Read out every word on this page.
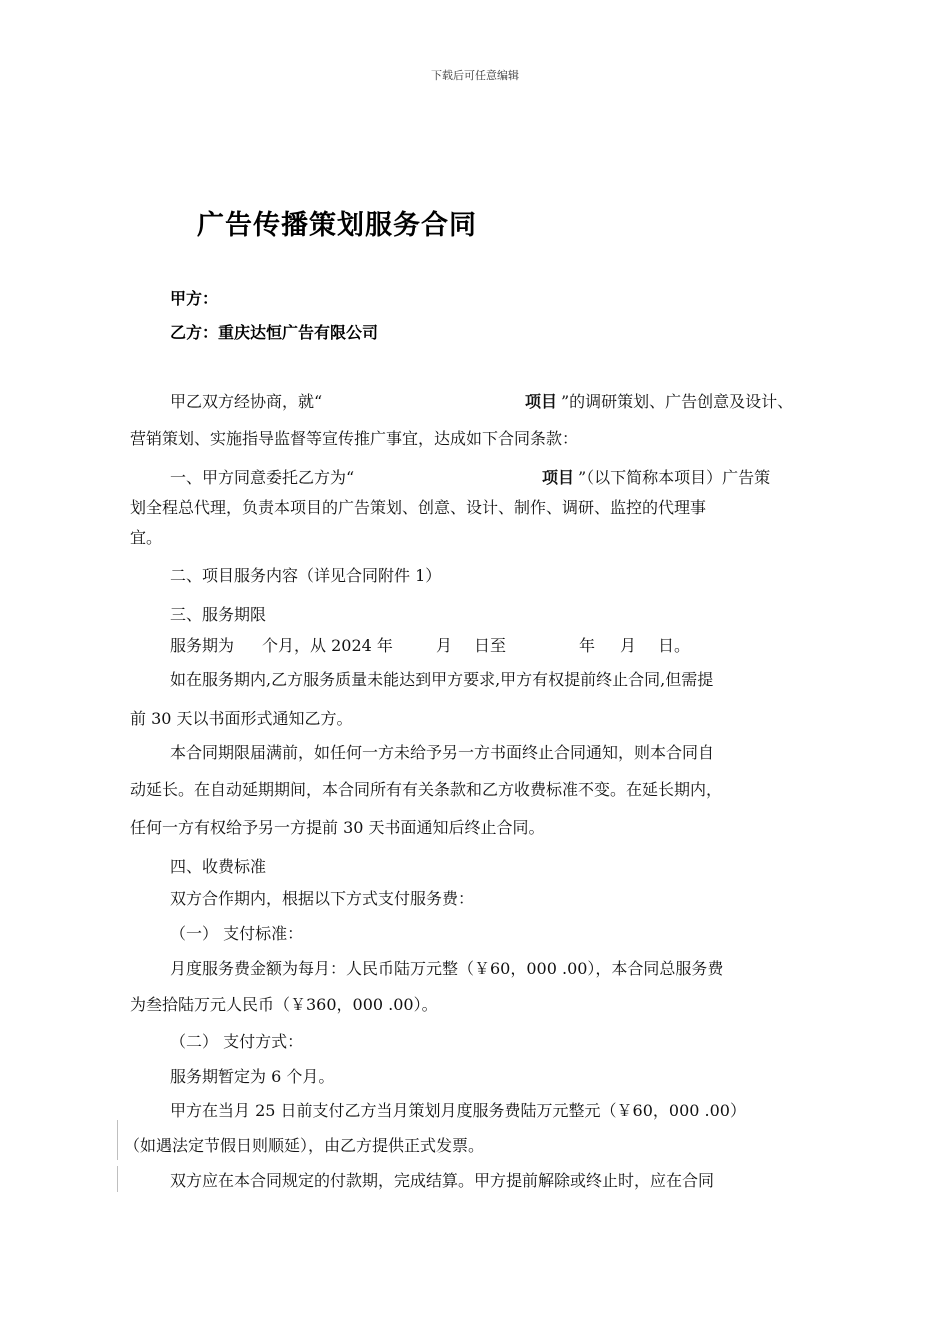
下载后可任意编辑
广告传播策划服务合同
甲方：
乙方：重庆达恒广告有限公司
甲乙双方经协商，就“	项目 ”的调研策划、广告创意及设计、
营销策划、实施指导监督等宣传推广事宜，达成如下合同条款：
一、甲方同意委托乙方为“	项目 ”（以下简称本项目）广告策
划全程总代理，负责本项目的广告策划、创意、设计、制作、调研、监控的代理事
宜。
二、项目服务内容（详见合同附件 1）
三、服务期限
服务期为 个月，从 2024 年	月 日至	年 月 日。
如在服务期内,乙方服务质量未能达到甲方要求,甲方有权提前终止合同,但需提
前 30 天以书面形式通知乙方。
本合同期限届满前，如任何一方未给予另一方书面终止合同通知，则本合同自
动延长。在自动延期期间，本合同所有有关条款和乙方收费标准不变。在延长期内，
任何一方有权给予另一方提前 30 天书面通知后终止合同。
四、收费标准
双方合作期内，根据以下方式支付服务费：
（一） 支付标准：
月度服务费金额为每月：人民币陆万元整（￥60，000 .00），本合同总服务费
为叁拾陆万元人民币（￥360，000 .00）。
（二） 支付方式：
服务期暂定为 6 个月。
甲方在当月 25 日前支付乙方当月策划月度服务费陆万元整元（￥60，000 .00）
（如遇法定节假日则顺延），由乙方提供正式发票。
双方应在本合同规定的付款期，完成结算。甲方提前解除或终止时，应在合同
